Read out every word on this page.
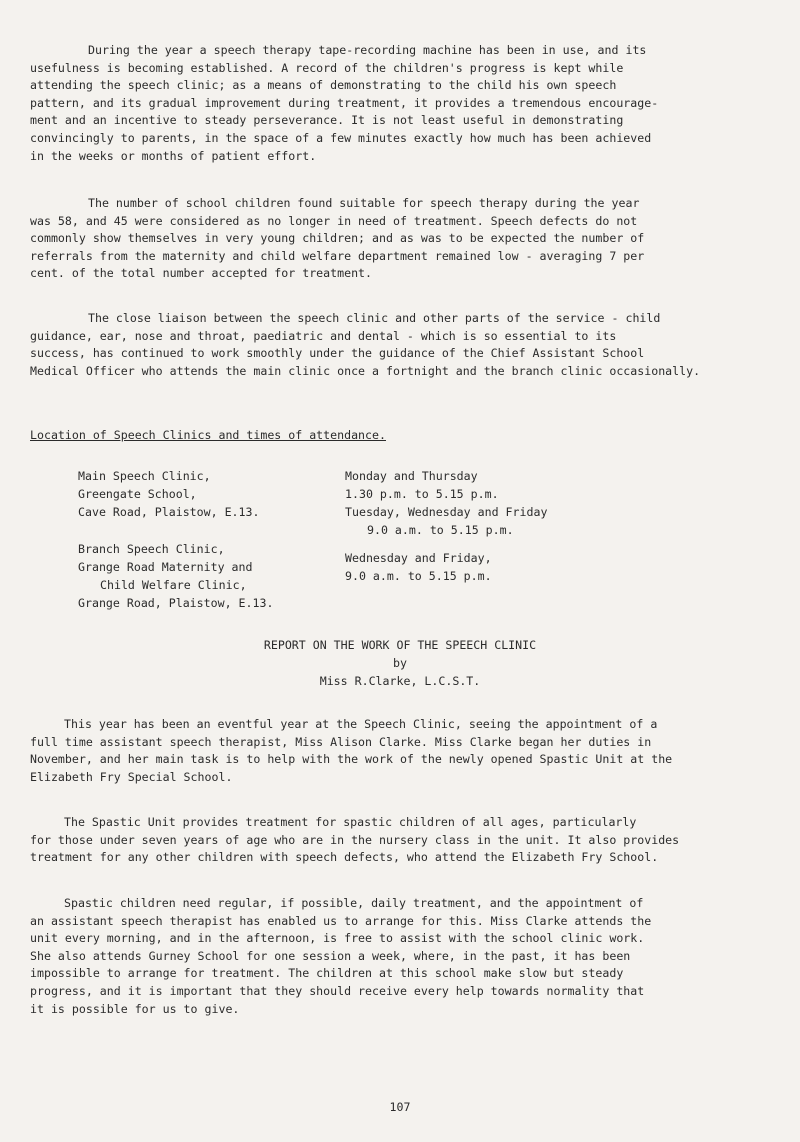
During the year a speech therapy tape-recording machine has been in use, and its
usefulness is becoming established. A record of the children's progress is kept while
attending the speech clinic; as a means of demonstrating to the child his own speech
pattern, and its gradual improvement during treatment, it provides a tremendous encourage-
ment and an incentive to steady perseverance. It is not least useful in demonstrating
convincingly to parents, in the space of a few minutes exactly how much has been achieved
in the weeks or months of patient effort.
The number of school children found suitable for speech therapy during the year
was 58, and 45 were considered as no longer in need of treatment. Speech defects do not
commonly show themselves in very young children; and as was to be expected the number of
referrals from the maternity and child welfare department remained low - averaging 7 per
cent. of the total number accepted for treatment.
The close liaison between the speech clinic and other parts of the service - child
guidance, ear, nose and throat, paediatric and dental - which is so essential to its
success, has continued to work smoothly under the guidance of the Chief Assistant School
Medical Officer who attends the main clinic once a fortnight and the branch clinic occasionally.

Location of Speech Clinics and times of attendance.

Main Speech Clinic,
Greengate School,
Cave Road, Plaistow, E.13.
Monday and Thursday
1.30 p.m. to 5.15 p.m.
Tuesday, Wednesday and Friday
9.0 a.m. to 5.15 p.m.
Branch Speech Clinic,
Grange Road Maternity and
Child Welfare Clinic,
Grange Road, Plaistow, E.13.
Wednesday and Friday,
9.0 a.m. to 5.15 p.m.

REPORT ON THE WORK OF THE SPEECH CLINIC

by

Miss R.Clarke, L.C.S.T.

This year has been an eventful year at the Speech Clinic, seeing the appointment of a
full time assistant speech therapist, Miss Alison Clarke. Miss Clarke began her duties in
November, and her main task is to help with the work of the newly opened Spastic Unit at the
Elizabeth Fry Special School.
The Spastic Unit provides treatment for spastic children of all ages, particularly
for those under seven years of age who are in the nursery class in the unit. It also provides
treatment for any other children with speech defects, who attend the Elizabeth Fry School.
Spastic children need regular, if possible, daily treatment, and the appointment of
an assistant speech therapist has enabled us to arrange for this. Miss Clarke attends the
unit every morning, and in the afternoon, is free to assist with the school clinic work.
She also attends Gurney School for one session a week, where, in the past, it has been
impossible to arrange for treatment. The children at this school make slow but steady
progress, and it is important that they should receive every help towards normality that
it is possible for us to give.
107
